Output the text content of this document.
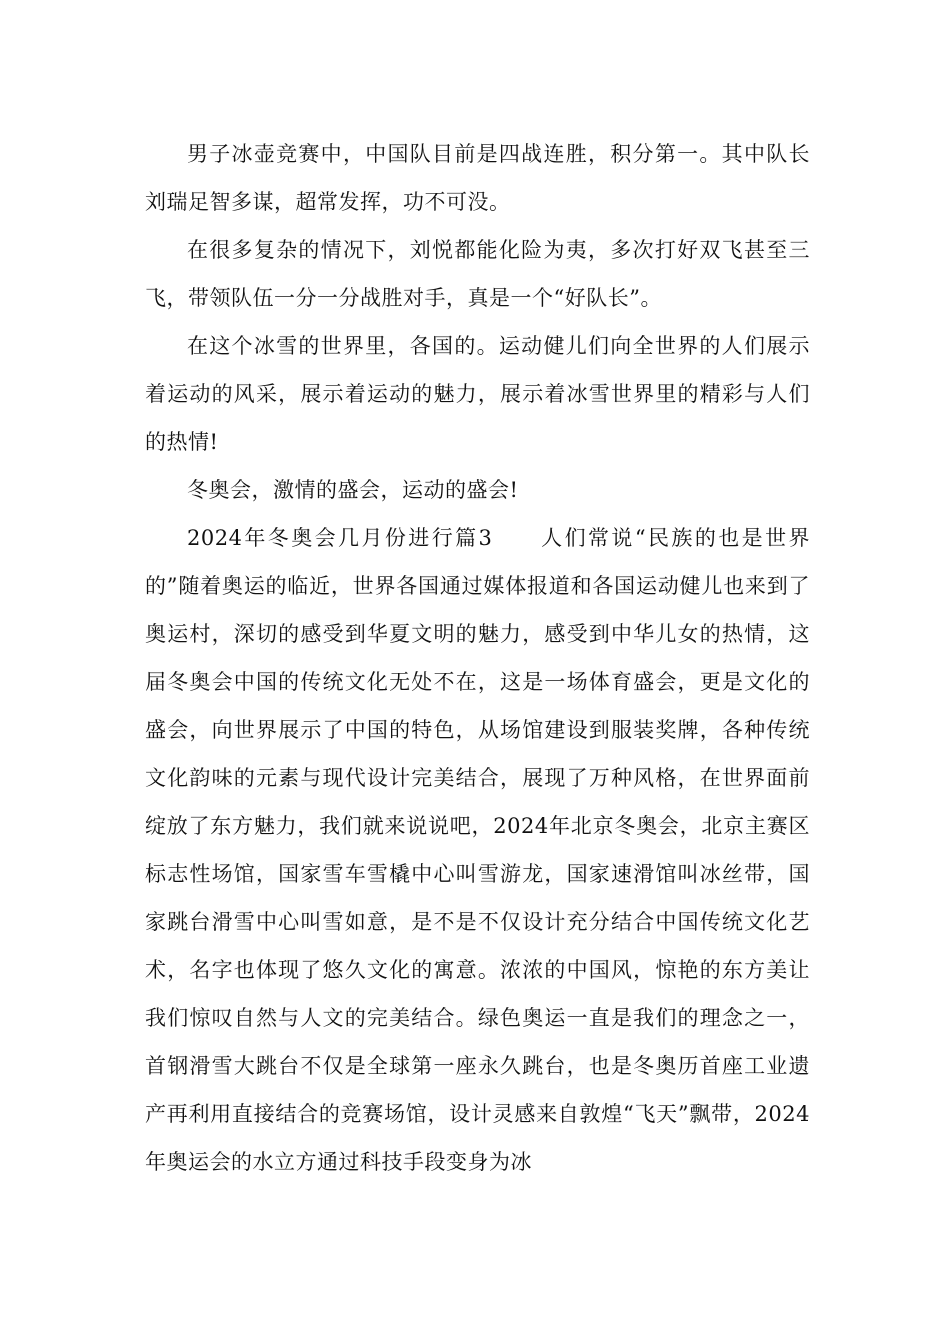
男子冰壶竞赛中，中国队目前是四战连胜，积分第一。其中队长刘瑞足智多谋，超常发挥，功不可没。

在很多复杂的情况下，刘悦都能化险为夷，多次打好双飞甚至三飞，带领队伍一分一分战胜对手，真是一个“好队长”。

在这个冰雪的世界里，各国的。运动健儿们向全世界的人们展示着运动的风采，展示着运动的魅力，展示着冰雪世界里的精彩与人们的热情!

冬奥会，激情的盛会，运动的盛会!

2024年冬奥会几月份进行篇3　　人们常说“民族的也是世界的”随着奥运的临近，世界各国通过媒体报道和各国运动健儿也来到了奥运村，深切的感受到华夏文明的魅力，感受到中华儿女的热情，这届冬奥会中国的传统文化无处不在，这是一场体育盛会，更是文化的盛会，向世界展示了中国的特色，从场馆建设到服装奖牌，各种传统文化韵味的元素与现代设计完美结合，展现了万种风格，在世界面前绽放了东方魅力，我们就来说说吧，2024年北京冬奥会，北京主赛区标志性场馆，国家雪车雪橇中心叫雪游龙，国家速滑馆叫冰丝带，国家跳台滑雪中心叫雪如意，是不是不仅设计充分结合中国传统文化艺术，名字也体现了悠久文化的寓意。浓浓的中国风，惊艳的东方美让我们惊叹自然与人文的完美结合。绿色奥运一直是我们的理念之一，首钢滑雪大跳台不仅是全球第一座永久跳台，也是冬奥历首座工业遗产再利用直接结合的竞赛场馆，设计灵感来自敦煌“飞天”飘带，2024年奥运会的水立方通过科技手段变身为冰
